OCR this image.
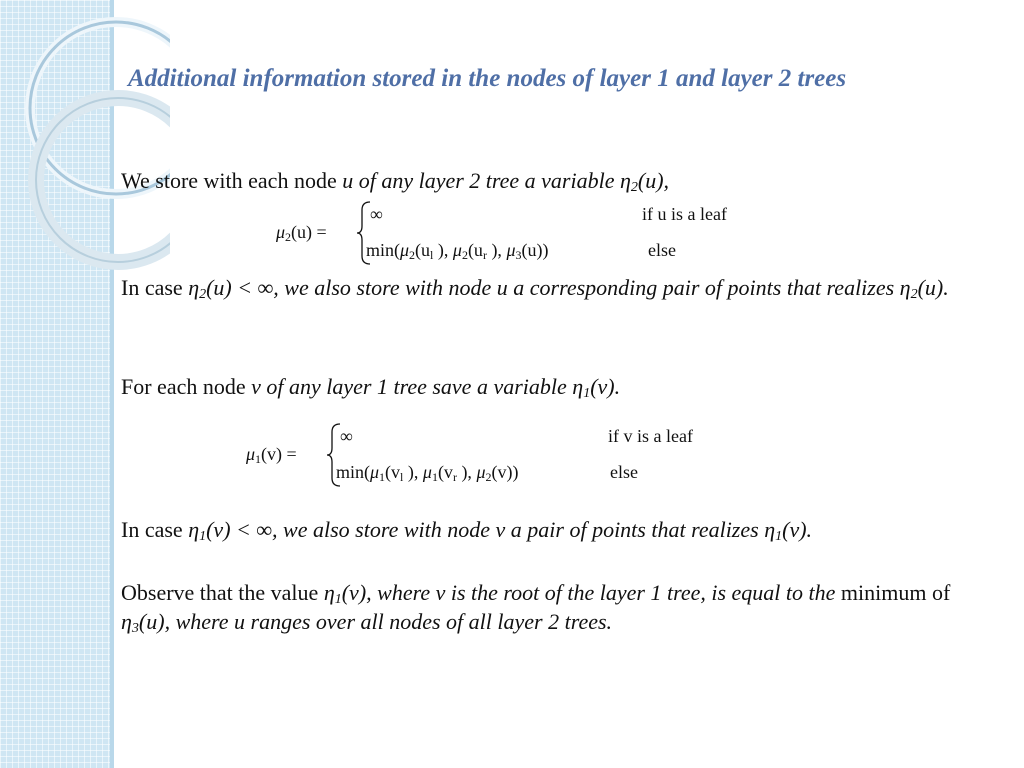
Additional information stored in the nodes of layer 1 and layer 2 trees

We store with each node u of any layer 2 tree a variable $\eta_2(u)$,

μ2(u) =
∞	if u is a leaf
min(μ2(ul ), μ2(ur ), μ3(u))	else

In case $\eta_2(u)$ < ∞, we also store with node u a corresponding pair of points that realizes $\eta_2(u)$.

For each node v of any layer 1 tree save a variable $\eta_1(v)$.

μ1(v) =
∞	if v is a leaf
min(μ1(vl ), μ1(vr ), μ2(v))	else

In case $\eta_1(v)$ < ∞, we also store with node v a pair of points that realizes $\eta_1(v)$.

Observe that the value $\eta_1(v)$, where v is the root of the layer 1 tree, is equal to the minimum of $\eta_3(u)$, where u ranges over all nodes of all layer 2 trees.
